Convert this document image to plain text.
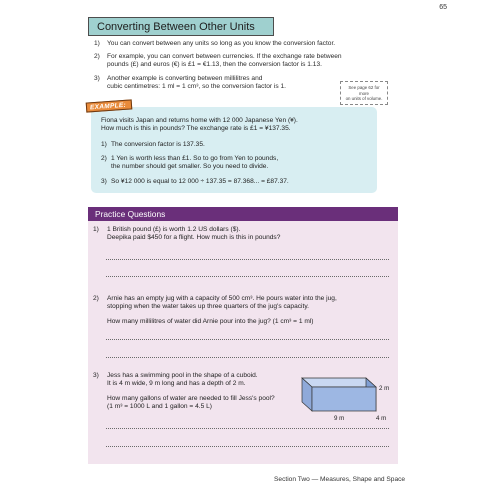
65
Converting Between Other Units
1)	You can convert between any units so long as you know the conversion factor.
2)	For example, you can convert between currencies. If the exchange rate between
pounds (£) and euros (€) is £1 = €1.13, then the conversion factor is 1.13.
3)	Another example is converting between millilitres and
cubic centimetres: 1 ml = 1 cm³, so the conversion factor is 1.	See page 62 for more
on units of volume.
EXAMPLE:
Fiona visits Japan and returns home with 12 000 Japanese Yen (¥).
How much is this in pounds? The exchange rate is £1 = ¥137.35.
1) The conversion factor is 137.35.
2) 1 Yen is worth less than £1. So to go from Yen to pounds,
the number should get smaller. So you need to divide.
3) So ¥12 000 is equal to 12 000 ÷ 137.35 = 87.368... = £87.37.
Practice Questions
1)	1 British pound (£) is worth 1.2 US dollars ($).
Deepika paid $450 for a flight. How much is this in pounds?
2)	Arnie has an empty jug with a capacity of 500 cm³. He pours water into the jug,
stopping when the water takes up three quarters of the jug's capacity.
How many millilitres of water did Arnie pour into the jug? (1 cm³ = 1 ml)
3)	Jess has a swimming pool in the shape of a cuboid.
It is 4 m wide, 9 m long and has a depth of 2 m.
How many gallons of water are needed to fill Jess's pool?
(1 m³ = 1000 L and 1 gallon = 4.5 L)
2 m
9 m	4 m
Section Two — Measures, Shape and Space
